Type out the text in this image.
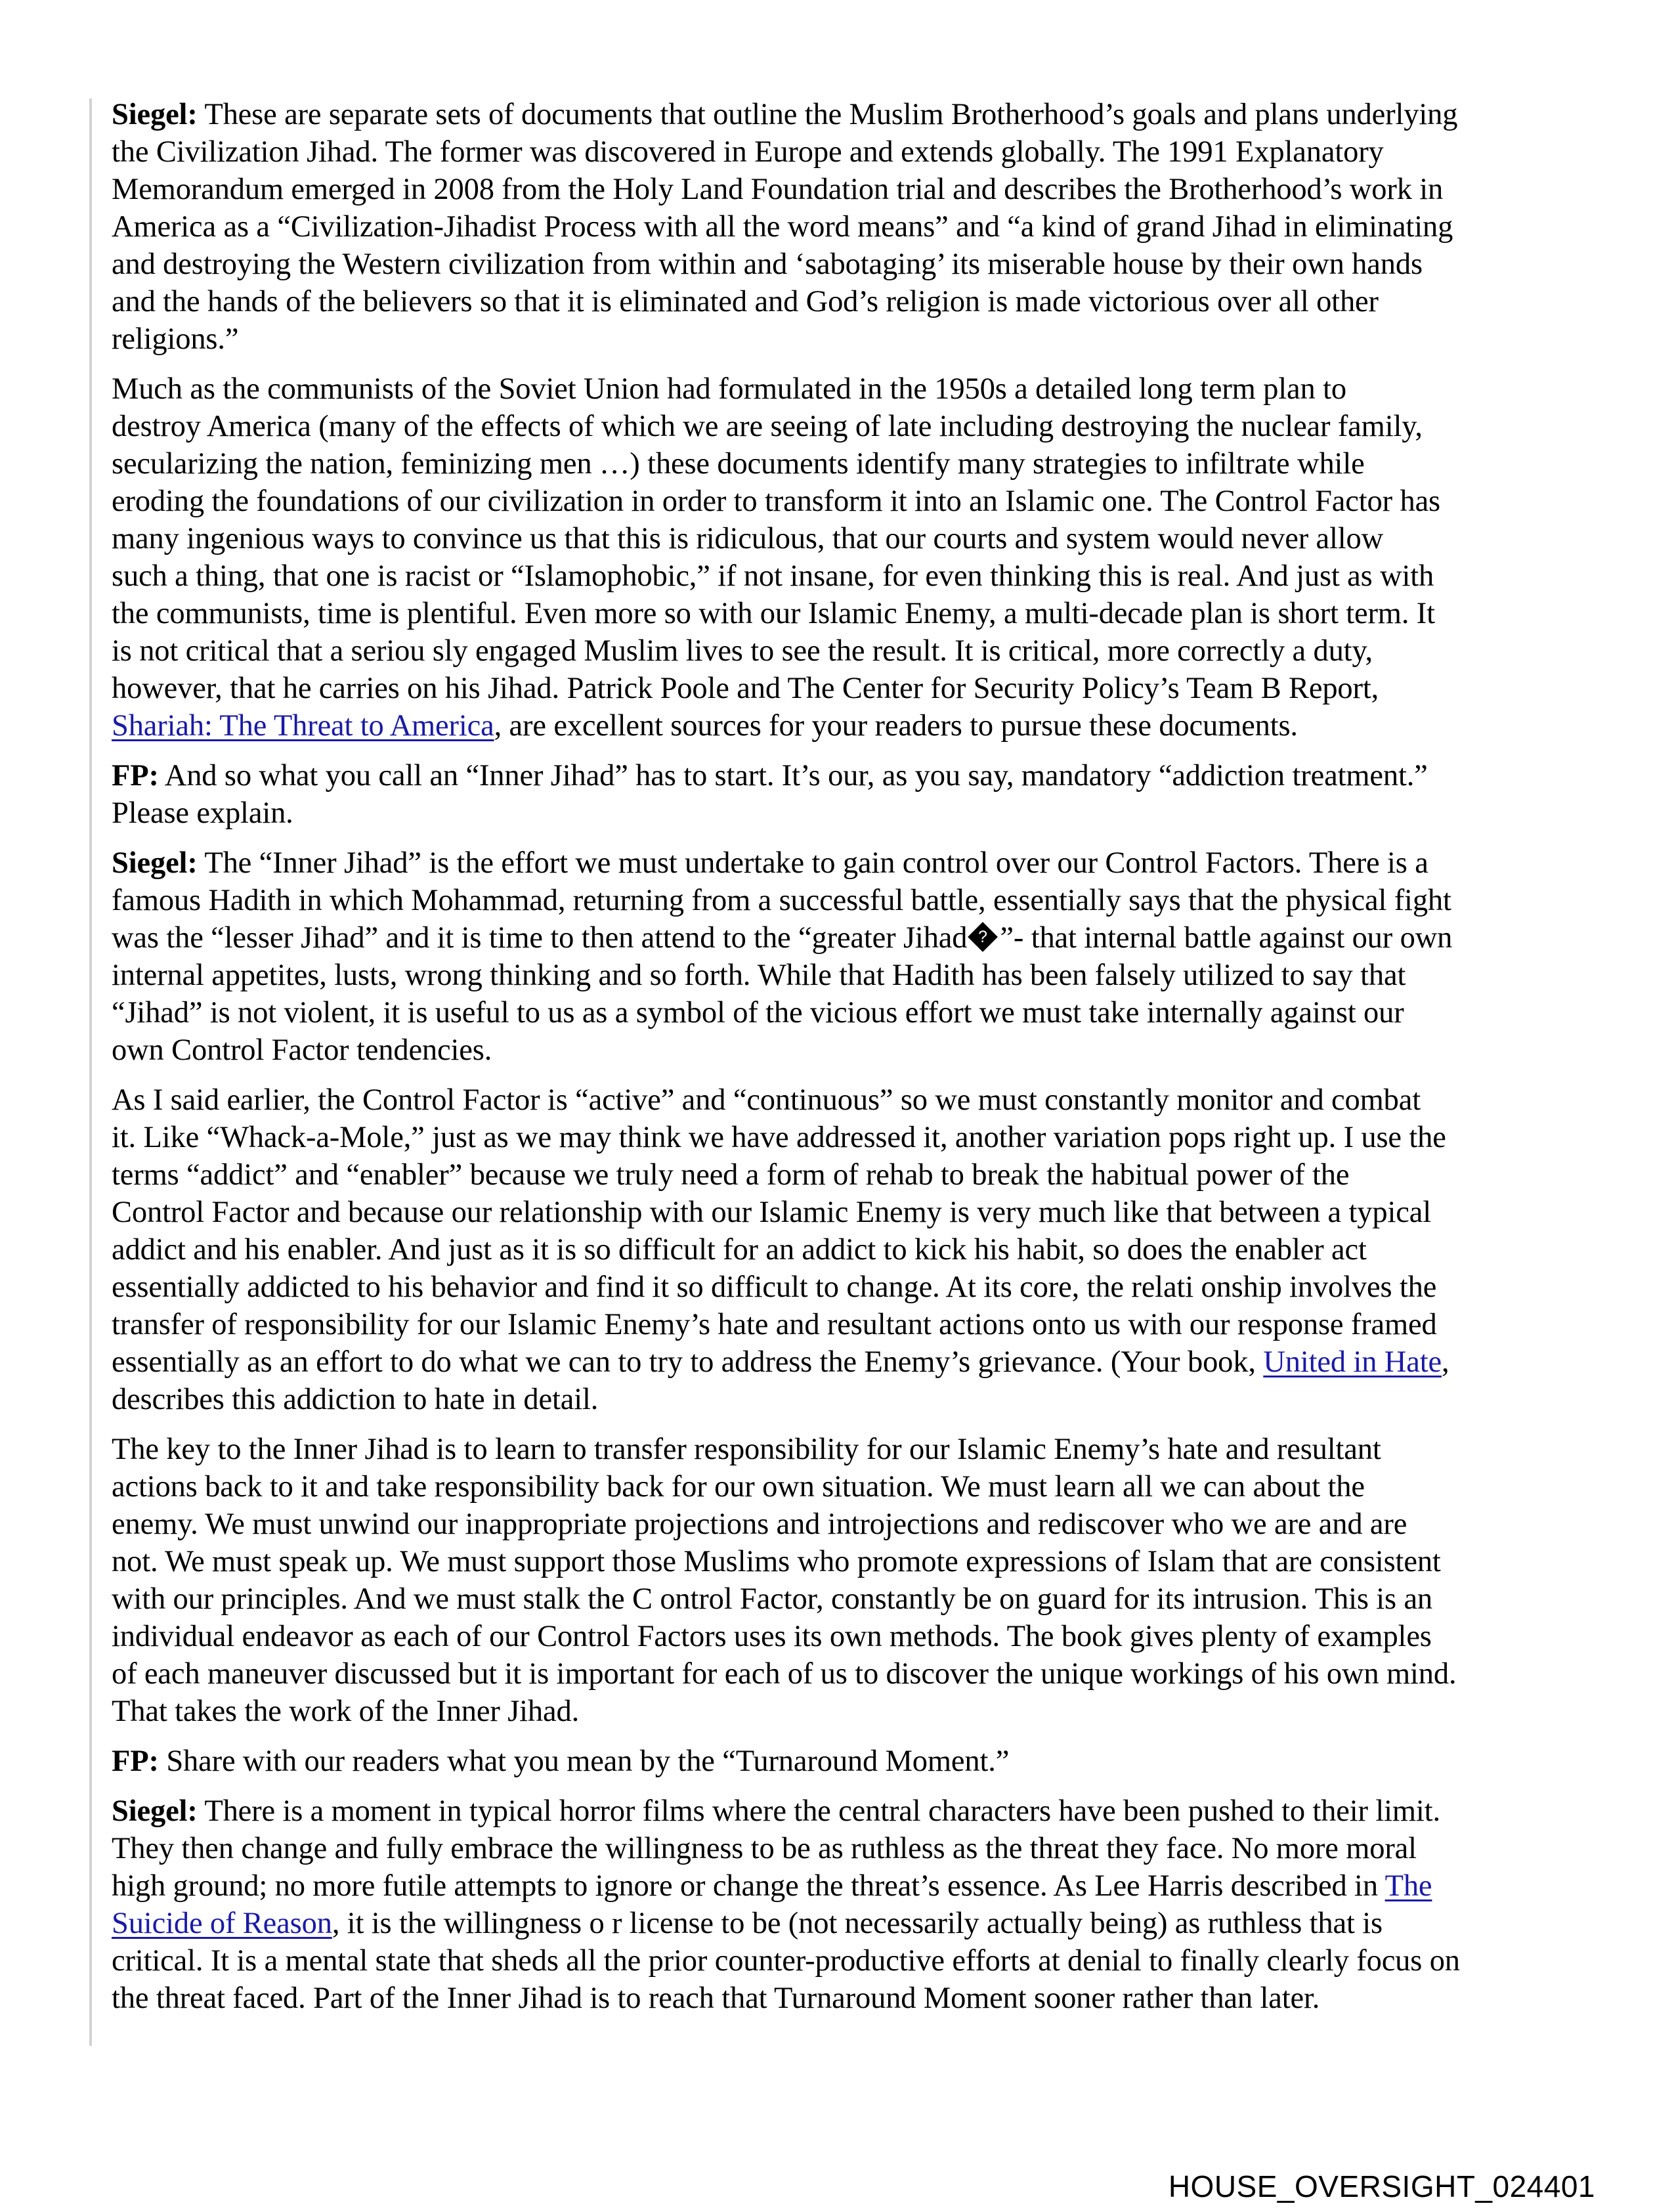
Siegel: These are separate sets of documents that outline the Muslim Brotherhood’s goals and plans underlying
the Civilization Jihad. The former was discovered in Europe and extends globally. The 1991 Explanatory
Memorandum emerged in 2008 from the Holy Land Foundation trial and describes the Brotherhood’s work in
America as a “Civilization-Jihadist Process with all the word means” and “a kind of grand Jihad in eliminating
and destroying the Western civilization from within and ‘sabotaging’ its miserable house by their own hands
and the hands of the believers so that it is eliminated and God’s religion is made victorious over all other
religions.”

Much as the communists of the Soviet Union had formulated in the 1950s a detailed long term plan to
destroy America (many of the effects of which we are seeing of late including destroying the nuclear family,
secularizing the nation, feminizing men …) these documents identify many strategies to infiltrate while
eroding the foundations of our civilization in order to transform it into an Islamic one. The Control Factor has
many ingenious ways to convince us that this is ridiculous, that our courts and system would never allow
such a thing, that one is racist or “Islamophobic,” if not insane, for even thinking this is real. And just as with
the communists, time is plentiful. Even more so with our Islamic Enemy, a multi-decade plan is short term. It
is not critical that a seriou sly engaged Muslim lives to see the result. It is critical, more correctly a duty,
however, that he carries on his Jihad. Patrick Poole and The Center for Security Policy’s Team B Report,
Shariah: The Threat to America, are excellent sources for your readers to pursue these documents.

FP: And so what you call an “Inner Jihad” has to start. It’s our, as you say, mandatory “addiction treatment.”
Please explain.

Siegel: The “Inner Jihad” is the effort we must undertake to gain control over our Control Factors. There is a
famous Hadith in which Mohammad, returning from a successful battle, essentially says that the physical fight
was the “lesser Jihad” and it is time to then attend to the “greater Jihad ? ”- that internal battle against our own
internal appetites, lusts, wrong thinking and so forth. While that Hadith has been falsely utilized to say that
“Jihad” is not violent, it is useful to us as a symbol of the vicious effort we must take internally against our
own Control Factor tendencies.

As I said earlier, the Control Factor is “active” and “continuous” so we must constantly monitor and combat
it. Like “Whack-a-Mole,” just as we may think we have addressed it, another variation pops right up. I use the
terms “addict” and “enabler” because we truly need a form of rehab to break the habitual power of the
Control Factor and because our relationship with our Islamic Enemy is very much like that between a typical
addict and his enabler. And just as it is so difficult for an addict to kick his habit, so does the enabler act
essentially addicted to his behavior and find it so difficult to change. At its core, the relati onship involves the
transfer of responsibility for our Islamic Enemy’s hate and resultant actions onto us with our response framed
essentially as an effort to do what we can to try to address the Enemy’s grievance. (Your book, United in Hate,
describes this addiction to hate in detail.

The key to the Inner Jihad is to learn to transfer responsibility for our Islamic Enemy’s hate and resultant
actions back to it and take responsibility back for our own situation. We must learn all we can about the
enemy. We must unwind our inappropriate projections and introjections and rediscover who we are and are
not. We must speak up. We must support those Muslims who promote expressions of Islam that are consistent
with our principles. And we must stalk the C ontrol Factor, constantly be on guard for its intrusion. This is an
individual endeavor as each of our Control Factors uses its own methods. The book gives plenty of examples
of each maneuver discussed but it is important for each of us to discover the unique workings of his own mind.
That takes the work of the Inner Jihad.

FP: Share with our readers what you mean by the “Turnaround Moment.”

Siegel: There is a moment in typical horror films where the central characters have been pushed to their limit.
They then change and fully embrace the willingness to be as ruthless as the threat they face. No more moral
high ground; no more futile attempts to ignore or change the threat’s essence. As Lee Harris described in The
Suicide of Reason, it is the willingness o r license to be (not necessarily actually being) as ruthless that is
critical. It is a mental state that sheds all the prior counter-productive efforts at denial to finally clearly focus on
the threat faced. Part of the Inner Jihad is to reach that Turnaround Moment sooner rather than later.

HOUSE_OVERSIGHT_024401
